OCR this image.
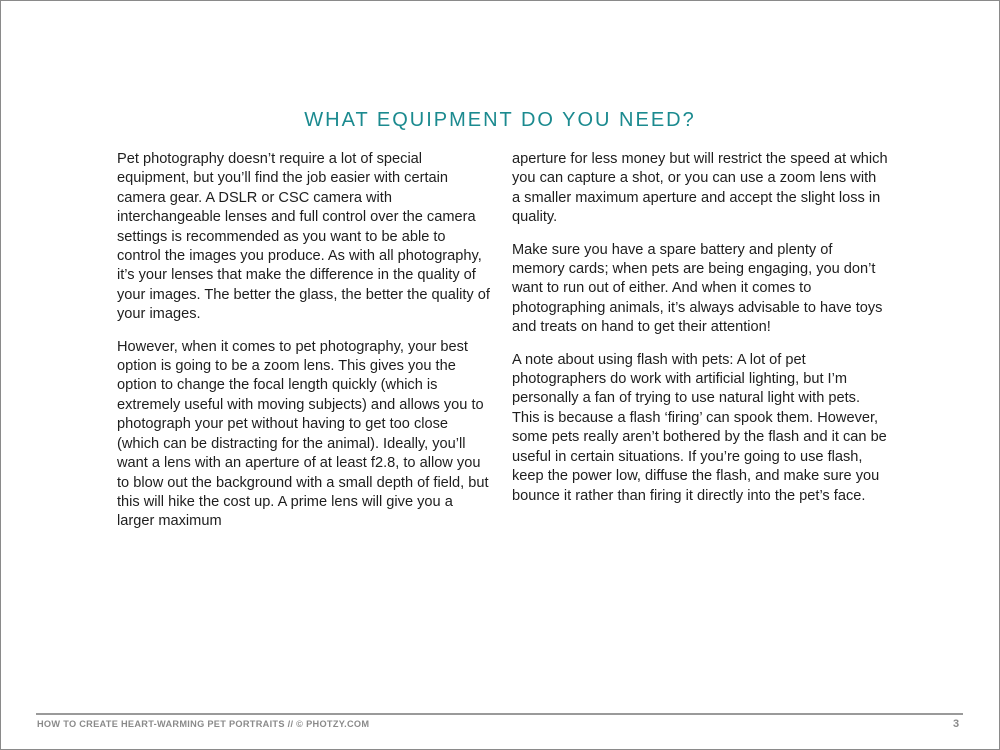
WHAT EQUIPMENT DO YOU NEED?

Pet photography doesn’t require a lot of special equipment, but you’ll find the job easier with certain camera gear. A DSLR or CSC camera with interchangeable lenses and full control over the camera settings is recommended as you want to be able to control the images you produce. As with all photography, it’s your lenses that make the difference in the quality of your images. The better the glass, the better the quality of your images.

However, when it comes to pet photography, your best option is going to be a zoom lens. This gives you the option to change the focal length quickly (which is extremely useful with moving subjects) and allows you to photograph your pet without having to get too close (which can be distracting for the animal). Ideally, you’ll want a lens with an aperture of at least f2.8, to allow you to blow out the background with a small depth of field, but this will hike the cost up. A prime lens will give you a larger maximum

aperture for less money but will restrict the speed at which you can capture a shot, or you can use a zoom lens with a smaller maximum aperture and accept the slight loss in quality.

Make sure you have a spare battery and plenty of memory cards; when pets are being engaging, you don’t want to run out of either. And when it comes to photographing animals, it’s always advisable to have toys and treats on hand to get their attention!

A note about using flash with pets: A lot of pet photographers do work with artificial lighting, but I’m personally a fan of trying to use natural light with pets. This is because a flash ‘firing’ can spook them. However, some pets really aren’t bothered by the flash and it can be useful in certain situations. If you’re going to use flash, keep the power low, diffuse the flash, and make sure you bounce it rather than firing it directly into the pet’s face.

HOW TO CREATE HEART-WARMING PET PORTRAITS // © PHOTZY.COM	3
